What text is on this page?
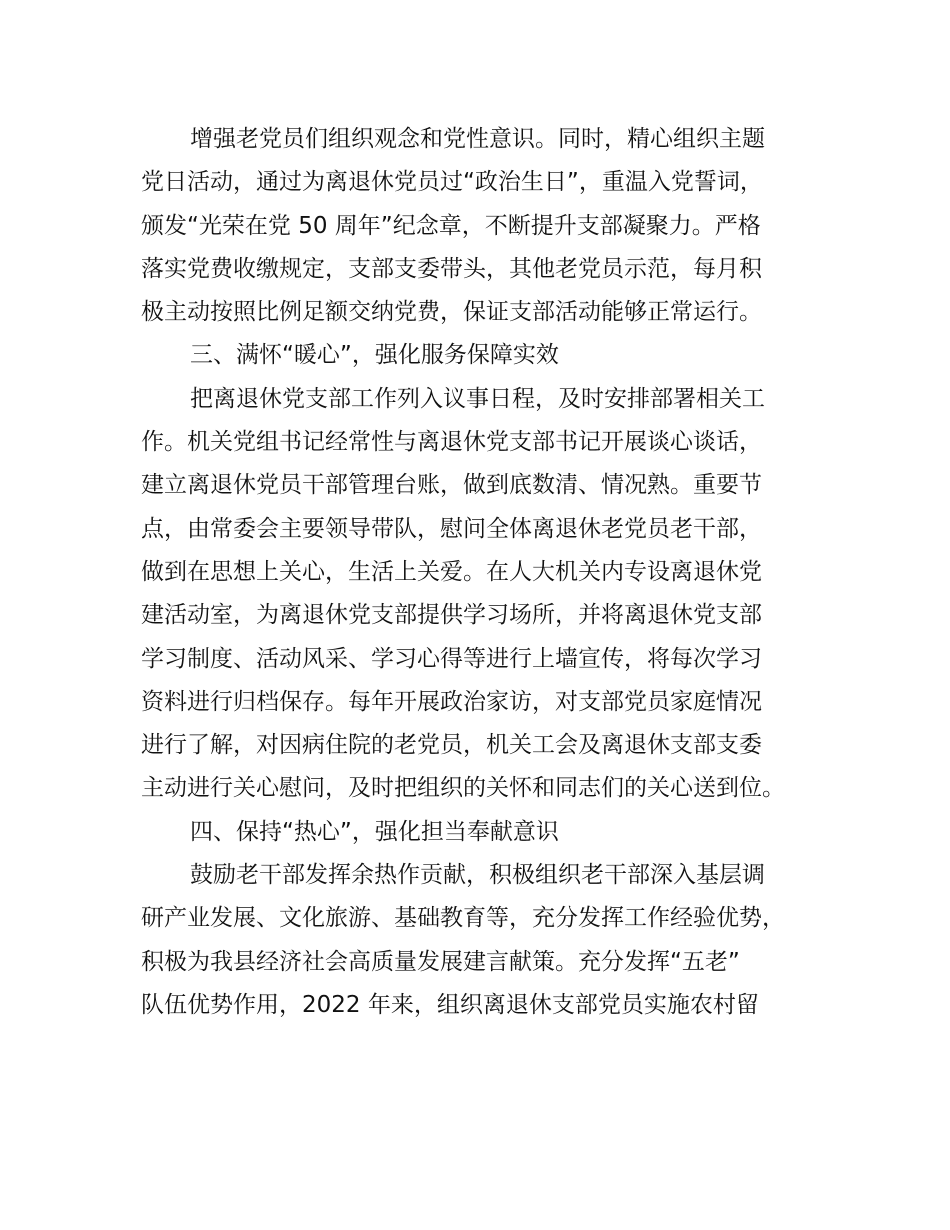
增强老党员们组织观念和党性意识。同时，精心组织主题
党日活动，通过为离退休党员过“政治生日”，重温入党誓词，
颁发“光荣在党 50 周年”纪念章，不断提升支部凝聚力。严格
落实党费收缴规定，支部支委带头，其他老党员示范，每月积
极主动按照比例足额交纳党费，保证支部活动能够正常运行。
三、满怀“暖心”，强化服务保障实效
把离退休党支部工作列入议事日程，及时安排部署相关工
作。机关党组书记经常性与离退休党支部书记开展谈心谈话，
建立离退休党员干部管理台账，做到底数清、情况熟。重要节
点，由常委会主要领导带队，慰问全体离退休老党员老干部，
做到在思想上关心，生活上关爱。在人大机关内专设离退休党
建活动室，为离退休党支部提供学习场所，并将离退休党支部
学习制度、活动风采、学习心得等进行上墙宣传，将每次学习
资料进行归档保存。每年开展政治家访，对支部党员家庭情况
进行了解，对因病住院的老党员，机关工会及离退休支部支委
主动进行关心慰问，及时把组织的关怀和同志们的关心送到位。
四、保持“热心”，强化担当奉献意识
鼓励老干部发挥余热作贡献，积极组织老干部深入基层调
研产业发展、文化旅游、基础教育等，充分发挥工作经验优势，
积极为我县经济社会高质量发展建言献策。充分发挥“五老”
队伍优势作用，2022 年来，组织离退休支部党员实施农村留
